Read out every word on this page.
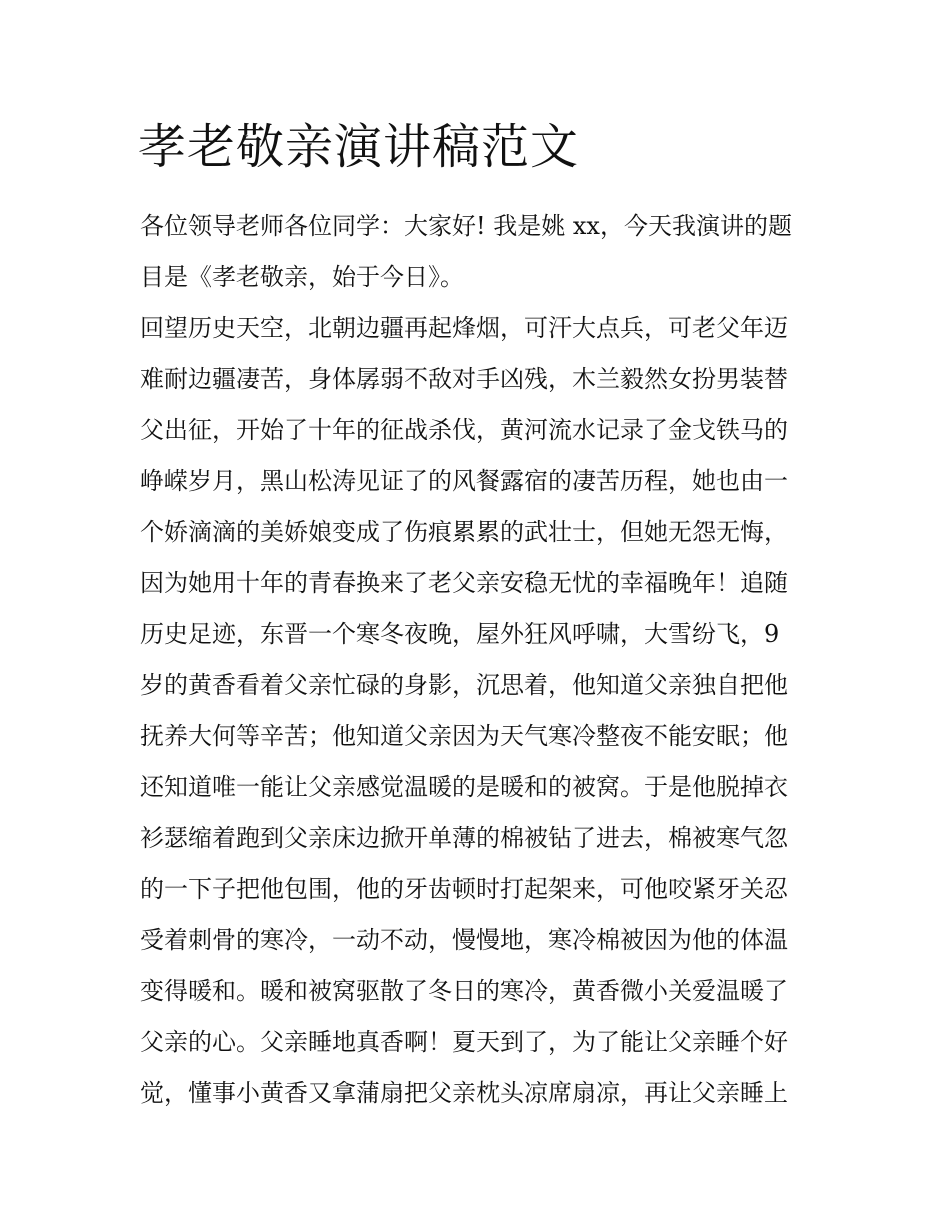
孝老敬亲演讲稿范文
各位领导老师各位同学：大家好! 我是姚 xx，今天我演讲的题
目是《孝老敬亲，始于今日》。
回望历史天空，北朝边疆再起烽烟，可汗大点兵，可老父年迈
难耐边疆凄苦，身体孱弱不敌对手凶残，木兰毅然女扮男装替
父出征，开始了十年的征战杀伐，黄河流水记录了金戈铁马的
峥嵘岁月，黑山松涛见证了的风餐露宿的凄苦历程，她也由一
个娇滴滴的美娇娘变成了伤痕累累的武壮士，但她无怨无悔，
因为她用十年的青春换来了老父亲安稳无忧的幸福晚年！追随
历史足迹，东晋一个寒冬夜晚，屋外狂风呼啸，大雪纷飞，9
岁的黄香看着父亲忙碌的身影，沉思着，他知道父亲独自把他
抚养大何等辛苦；他知道父亲因为天气寒冷整夜不能安眠；他
还知道唯一能让父亲感觉温暖的是暖和的被窝。于是他脱掉衣
衫瑟缩着跑到父亲床边掀开单薄的棉被钻了进去，棉被寒气忽
的一下子把他包围，他的牙齿顿时打起架来，可他咬紧牙关忍
受着刺骨的寒冷，一动不动，慢慢地，寒冷棉被因为他的体温
变得暖和。暖和被窝驱散了冬日的寒冷，黄香微小关爱温暖了
父亲的心。父亲睡地真香啊！夏天到了，为了能让父亲睡个好
觉，懂事小黄香又拿蒲扇把父亲枕头凉席扇凉，再让父亲睡上
